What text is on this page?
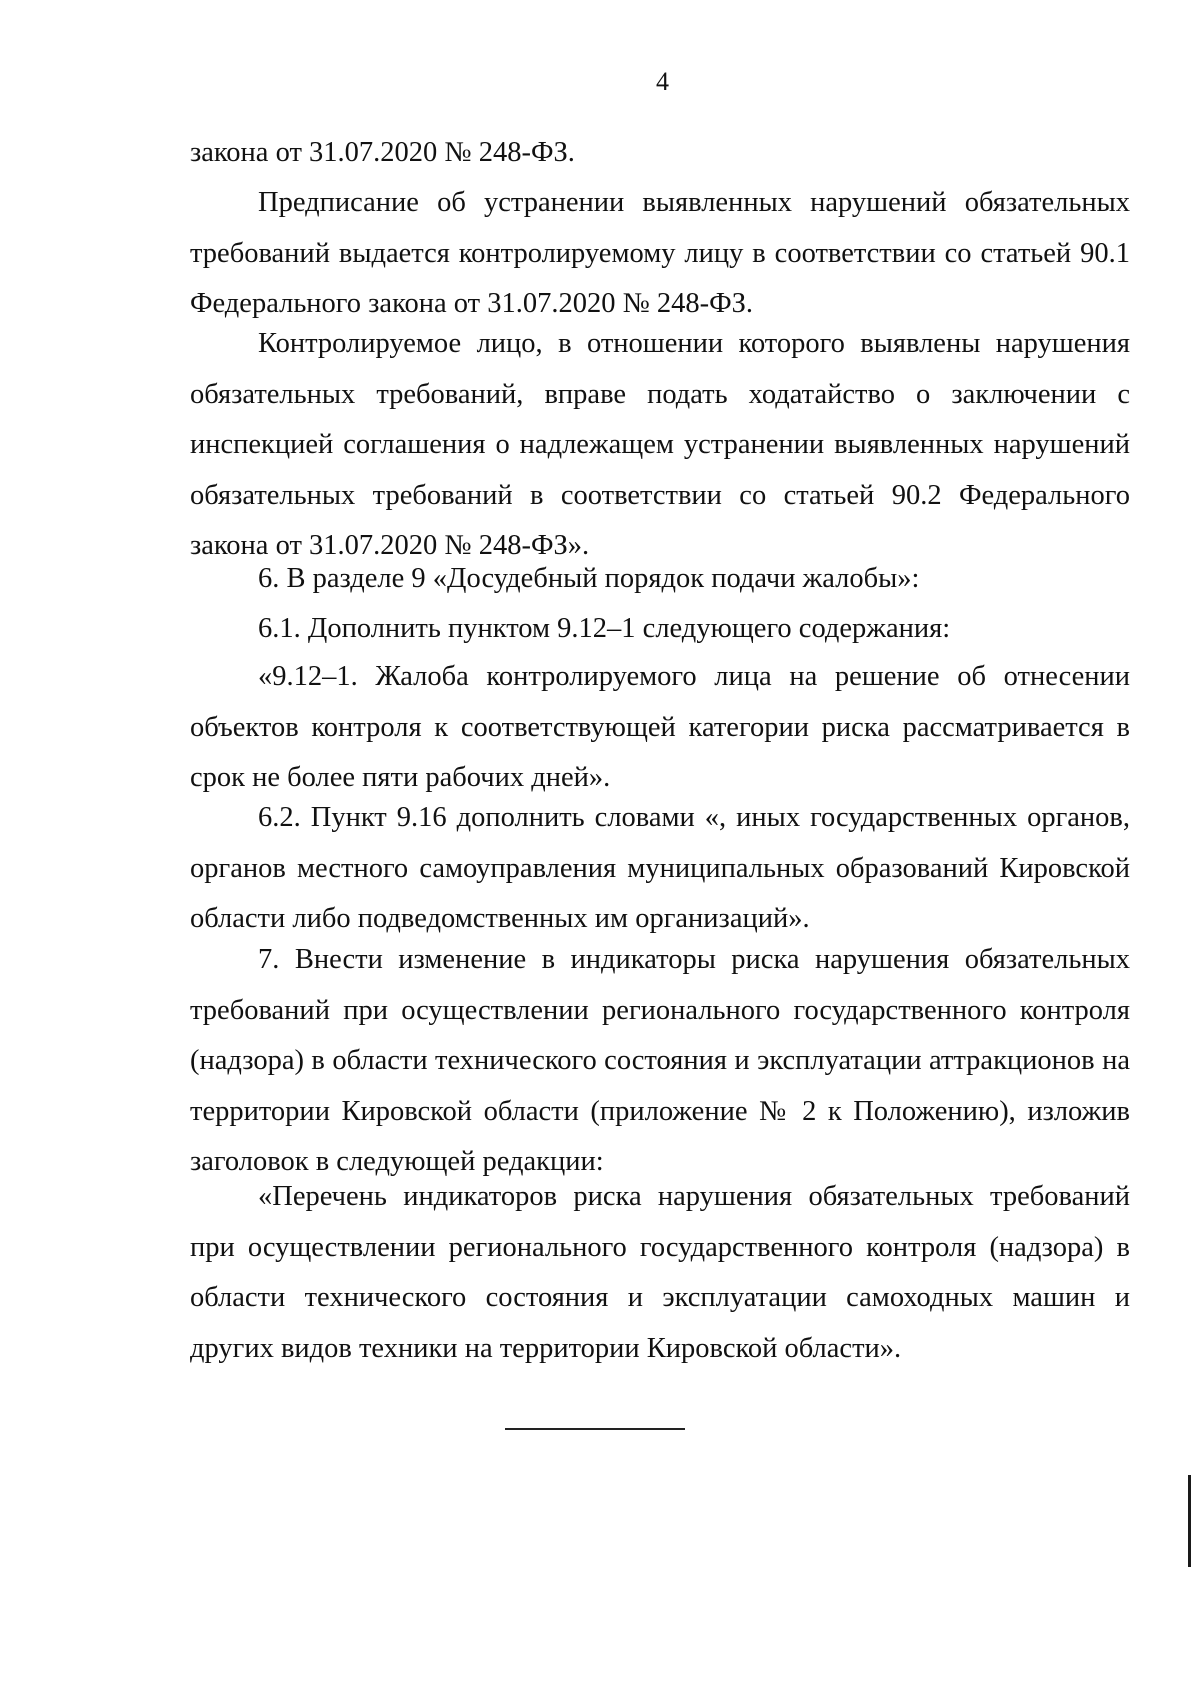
4

закона от 31.07.2020 № 248-ФЗ.

Предписание об устранении выявленных нарушений обязательных требований выдается контролируемому лицу в соответствии со статьей 90.1 Федерального закона от 31.07.2020 № 248-ФЗ.

Контролируемое лицо, в отношении которого выявлены нарушения обязательных требований, вправе подать ходатайство о заключении с инспекцией соглашения о надлежащем устранении выявленных нарушений обязательных требований в соответствии со статьей 90.2 Федерального закона от 31.07.2020 № 248-ФЗ».

6. В разделе 9 «Досудебный порядок подачи жалобы»:

6.1. Дополнить пунктом 9.12–1 следующего содержания:

«9.12–1. Жалоба контролируемого лица на решение об отнесении объектов контроля к соответствующей категории риска рассматривается в срок не более пяти рабочих дней».

6.2. Пункт 9.16 дополнить словами «, иных государственных органов, органов местного самоуправления муниципальных образований Кировской области либо подведомственных им организаций».

7. Внести изменение в индикаторы риска нарушения обязательных требований при осуществлении регионального государственного контроля (надзора) в области технического состояния и эксплуатации аттракционов на территории Кировской области (приложение № 2 к Положению), изложив заголовок в следующей редакции:

«Перечень индикаторов риска нарушения обязательных требований при осуществлении регионального государственного контроля (надзора) в области технического состояния и эксплуатации самоходных машин и других видов техники на территории Кировской области».
